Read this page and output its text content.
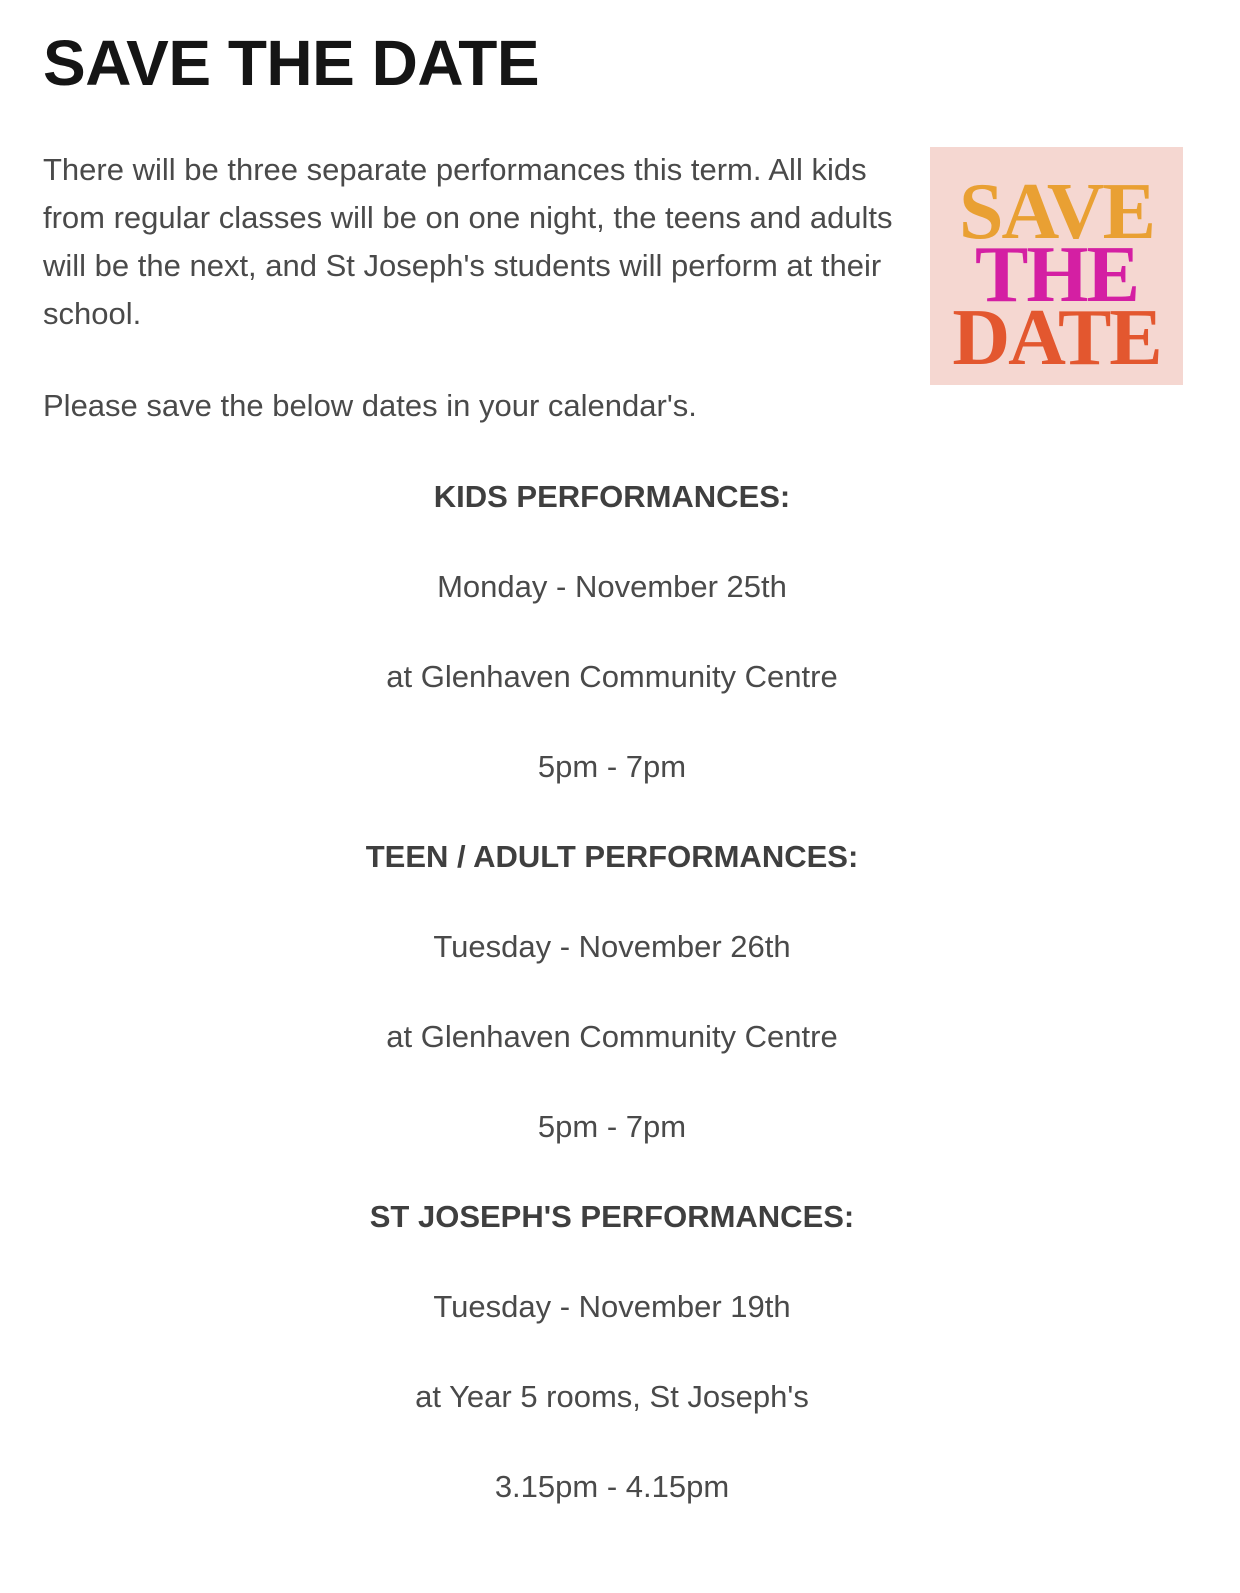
SAVE THE DATE

There will be three separate performances this term. All kids from regular classes will be on one night, the teens and adults will be the next, and St Joseph's students will perform at their school.

Please save the below dates in your calendar's.

SAVE
THE
DATE

KIDS PERFORMANCES:

Monday - November 25th

at Glenhaven Community Centre

5pm - 7pm

TEEN / ADULT PERFORMANCES:

Tuesday - November 26th

at Glenhaven Community Centre

5pm - 7pm

ST JOSEPH'S PERFORMANCES:

Tuesday - November 19th

at Year 5 rooms, St Joseph's

3.15pm - 4.15pm
